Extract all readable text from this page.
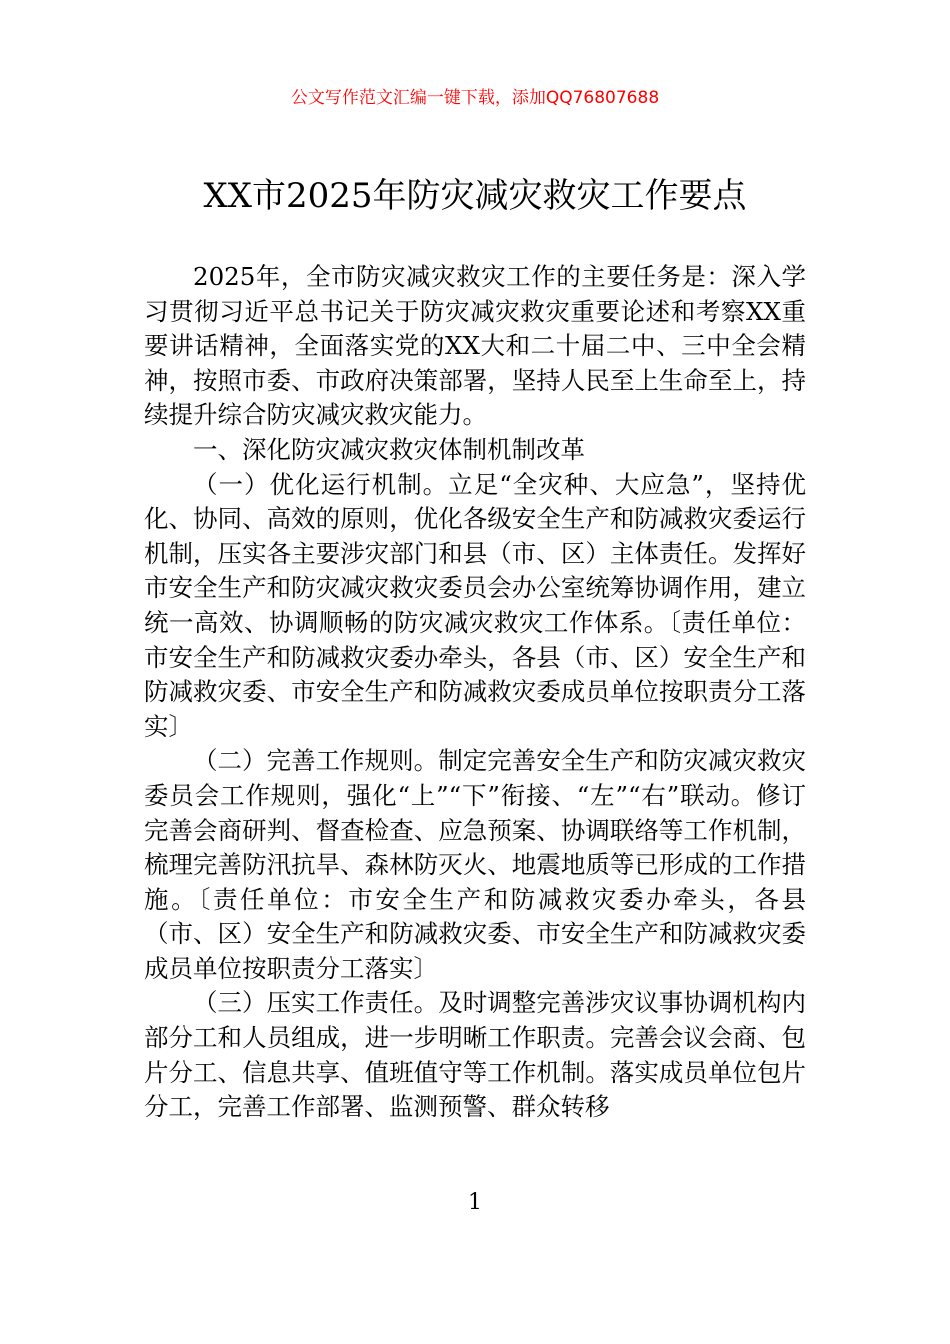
公文写作范文汇编一键下载，添加QQ76807688
XX市2025年防灾减灾救灾工作要点

2025年，全市防灾减灾救灾工作的主要任务是：深入学习贯彻习近平总书记关于防灾减灾救灾重要论述和考察XX重要讲话精神，全面落实党的XX大和二十届二中、三中全会精神，按照市委、市政府决策部署，坚持人民至上生命至上，持续提升综合防灾减灾救灾能力。

一、深化防灾减灾救灾体制机制改革

（一）优化运行机制。立足“全灾种、大应急”，坚持优化、协同、高效的原则，优化各级安全生产和防减救灾委运行机制，压实各主要涉灾部门和县（市、区）主体责任。发挥好市安全生产和防灾减灾救灾委员会办公室统筹协调作用，建立统一高效、协调顺畅的防灾减灾救灾工作体系。〔责任单位：市安全生产和防减救灾委办牵头，各县（市、区）安全生产和防减救灾委、市安全生产和防减救灾委成员单位按职责分工落实〕

（二）完善工作规则。制定完善安全生产和防灾减灾救灾委员会工作规则，强化“上”“下”衔接、“左”“右”联动。修订完善会商研判、督查检查、应急预案、协调联络等工作机制，梳理完善防汛抗旱、森林防灭火、地震地质等已形成的工作措施。〔责任单位：市安全生产和防减救灾委办牵头，各县（市、区）安全生产和防减救灾委、市安全生产和防减救灾委成员单位按职责分工落实〕

（三）压实工作责任。及时调整完善涉灾议事协调机构内部分工和人员组成，进一步明晰工作职责。完善会议会商、包片分工、信息共享、值班值守等工作机制。落实成员单位包片分工，完善工作部署、监测预警、群众转移

1
